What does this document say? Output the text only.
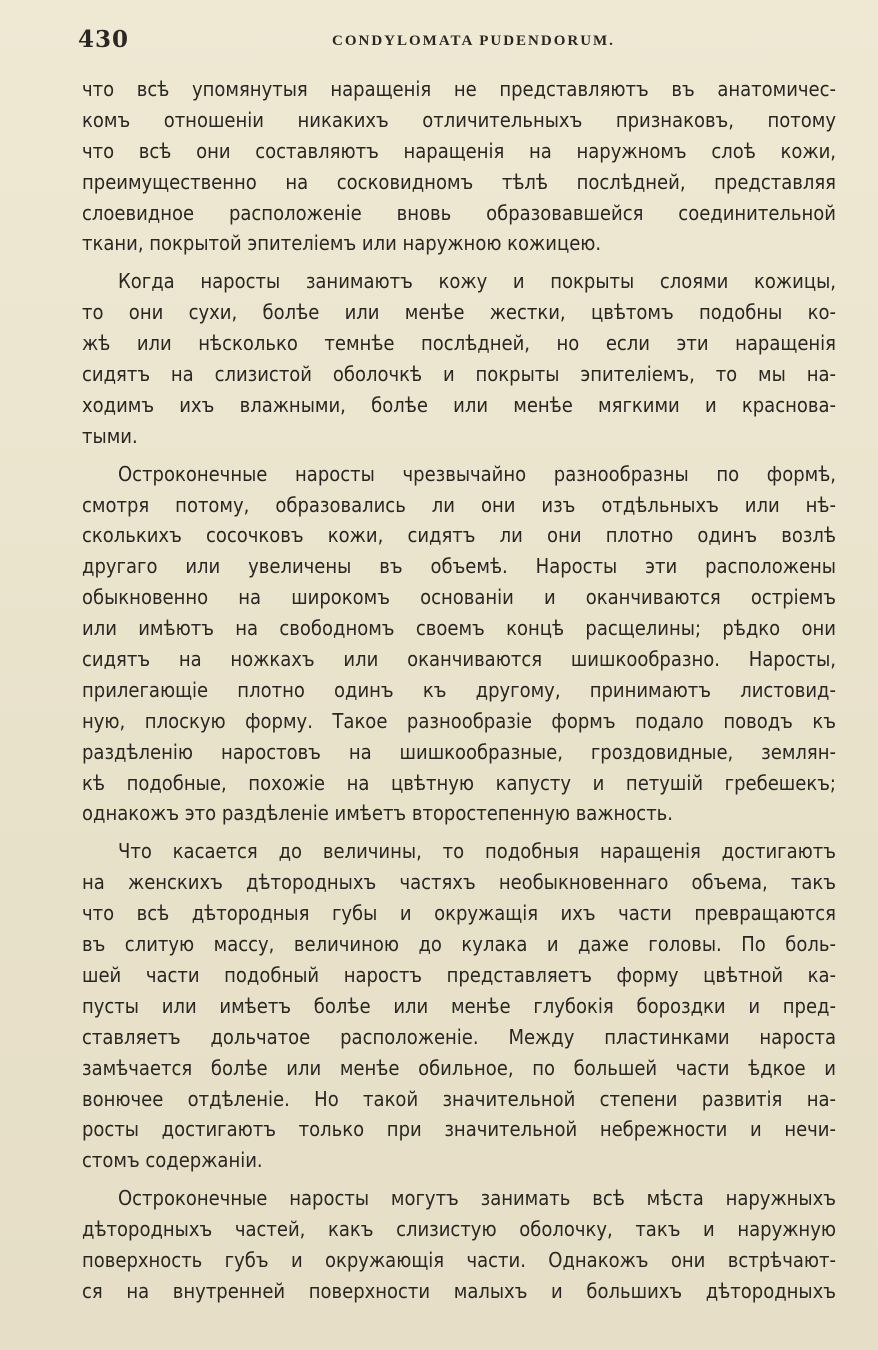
430	CONDYLOMATA PUDENDORUM.
что всѣ упомянутыя наращенія не представляютъ въ анатомичес-
комъ отношеніи никакихъ отличительныхъ признаковъ, потому
что всѣ они составляютъ наращенія на наружномъ слоѣ кожи,
преимущественно на сосковидномъ тѣлѣ послѣдней, представляя
слоевидное расположеніе вновь образовавшейся соединительной
ткани, покрытой эпителіемъ или наружною кожицею.
Когда наросты занимаютъ кожу и покрыты слоями кожицы,
то они сухи, болѣе или менѣе жестки, цвѣтомъ подобны ко-
жѣ или нѣсколько темнѣе послѣдней, но если эти наращенія
сидятъ на слизистой оболочкѣ и покрыты эпителіемъ, то мы на-
ходимъ ихъ влажными, болѣе или менѣе мягкими и краснова-
тыми.
Остроконечные наросты чрезвычайно разнообразны по формѣ,
смотря потому, образовались ли они изъ отдѣльныхъ или нѣ-
сколькихъ сосочковъ кожи, сидятъ ли они плотно одинъ возлѣ
другаго или увеличены въ объемѣ. Наросты эти расположены
обыкновенно на широкомъ основаніи и оканчиваются остріемъ
или имѣютъ на свободномъ своемъ концѣ расщелины; рѣдко они
сидятъ на ножкахъ или оканчиваются шишкообразно. Наросты,
прилегающіе плотно одинъ къ другому, принимаютъ листовид-
ную, плоскую форму. Такое разнообразіе формъ подало поводъ къ
раздѣленію наростовъ на шишкообразные, гроздовидные, землян-
кѣ подобные, похожіе на цвѣтную капусту и петушій гребешекъ;
однакожъ это раздѣленіе имѣетъ второстепенную важность.
Что касается до величины, то подобныя наращенія достигаютъ
на женскихъ дѣтородныхъ частяхъ необыкновеннаго объема, такъ
что всѣ дѣтородныя губы и окружащія ихъ части превращаются
въ слитую массу, величиною до кулака и даже головы. По боль-
шей части подобный наростъ представляетъ форму цвѣтной ка-
пусты или имѣетъ болѣе или менѣе глубокія бороздки и пред-
ставляетъ дольчатое расположеніе. Между пластинками нароста
замѣчается болѣе или менѣе обильное, по большей части ѣдкое и
вонючее отдѣленіе. Но такой значительной степени развитія на-
росты достигаютъ только при значительной небрежности и нечи-
стомъ содержаніи.
Остроконечные наросты могутъ занимать всѣ мѣста наружныхъ
дѣтородныхъ частей, какъ слизистую оболочку, такъ и наружную
поверхность губъ и окружающія части. Однакожъ они встрѣчают-
ся на внутренней поверхности малыхъ и большихъ дѣтородныхъ
